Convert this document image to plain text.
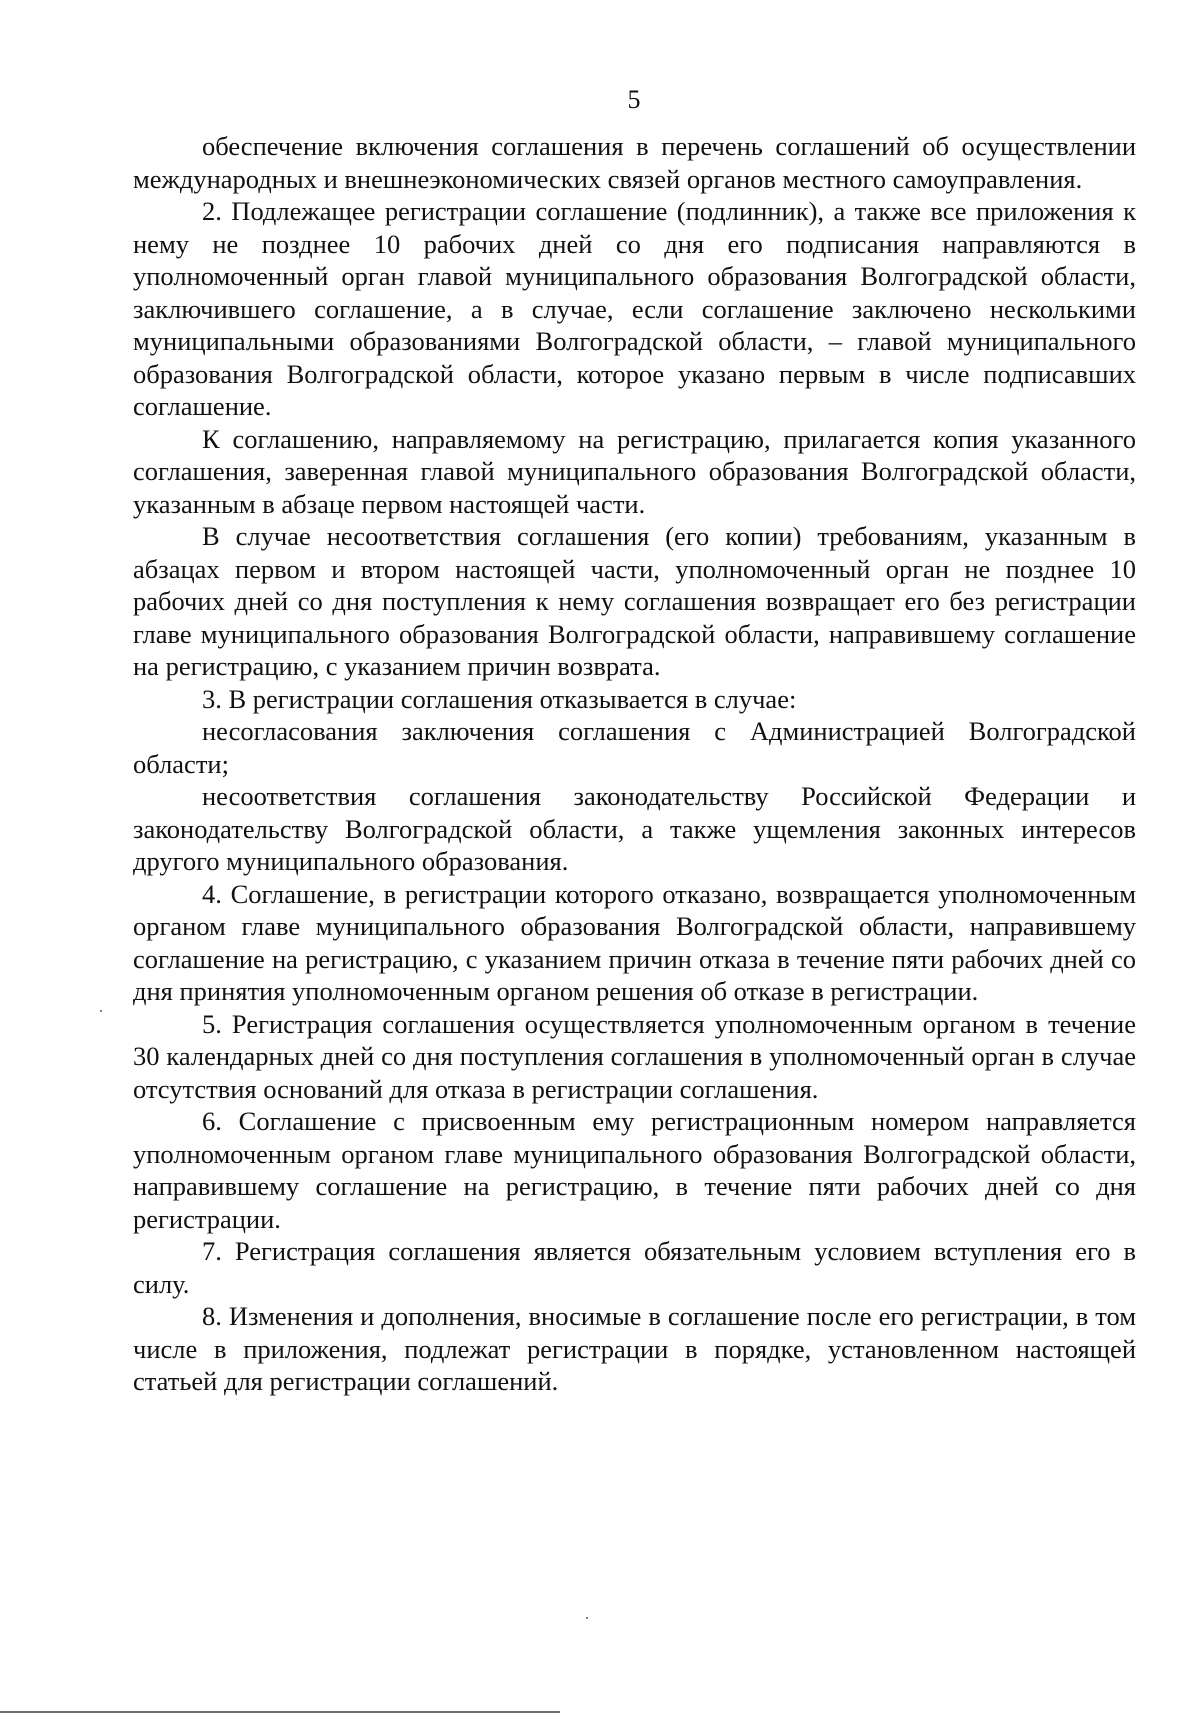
5

обеспечение включения соглашения в перечень соглашений об осуществлении международных и внешнеэкономических связей органов местного самоуправления.

2. Подлежащее регистрации соглашение (подлинник), а также все приложения к нему не позднее 10 рабочих дней со дня его подписания направляются в уполномоченный орган главой муниципального образования Волгоградской области, заключившего соглашение, а в случае, если соглашение заключено несколькими муниципальными образованиями Волгоградской области, – главой муниципального образования Волгоградской области, которое указано первым в числе подписавших соглашение.

К соглашению, направляемому на регистрацию, прилагается копия указанного соглашения, заверенная главой муниципального образования Волгоградской области, указанным в абзаце первом настоящей части.

В случае несоответствия соглашения (его копии) требованиям, указанным в абзацах первом и втором настоящей части, уполномоченный орган не позднее 10 рабочих дней со дня поступления к нему соглашения возвращает его без регистрации главе муниципального образования Волгоградской области, направившему соглашение на регистрацию, с указанием причин возврата.

3. В регистрации соглашения отказывается в случае:

несогласования заключения соглашения с Администрацией Волгоградской области;

несоответствия соглашения законодательству Российской Федерации и законодательству Волгоградской области, а также ущемления законных интересов другого муниципального образования.

4. Соглашение, в регистрации которого отказано, возвращается уполномоченным органом главе муниципального образования Волгоградской области, направившему соглашение на регистрацию, с указанием причин отказа в течение пяти рабочих дней со дня принятия уполномоченным органом решения об отказе в регистрации.

5. Регистрация соглашения осуществляется уполномоченным органом в течение 30 календарных дней со дня поступления соглашения в уполномоченный орган в случае отсутствия оснований для отказа в регистрации соглашения.

6. Соглашение с присвоенным ему регистрационным номером направляется уполномоченным органом главе муниципального образования Волгоградской области, направившему соглашение на регистрацию, в течение пяти рабочих дней со дня регистрации.

7. Регистрация соглашения является обязательным условием вступления его в силу.

8. Изменения и дополнения, вносимые в соглашение после его регистрации, в том числе в приложения, подлежат регистрации в порядке, установленном настоящей статьей для регистрации соглашений.
